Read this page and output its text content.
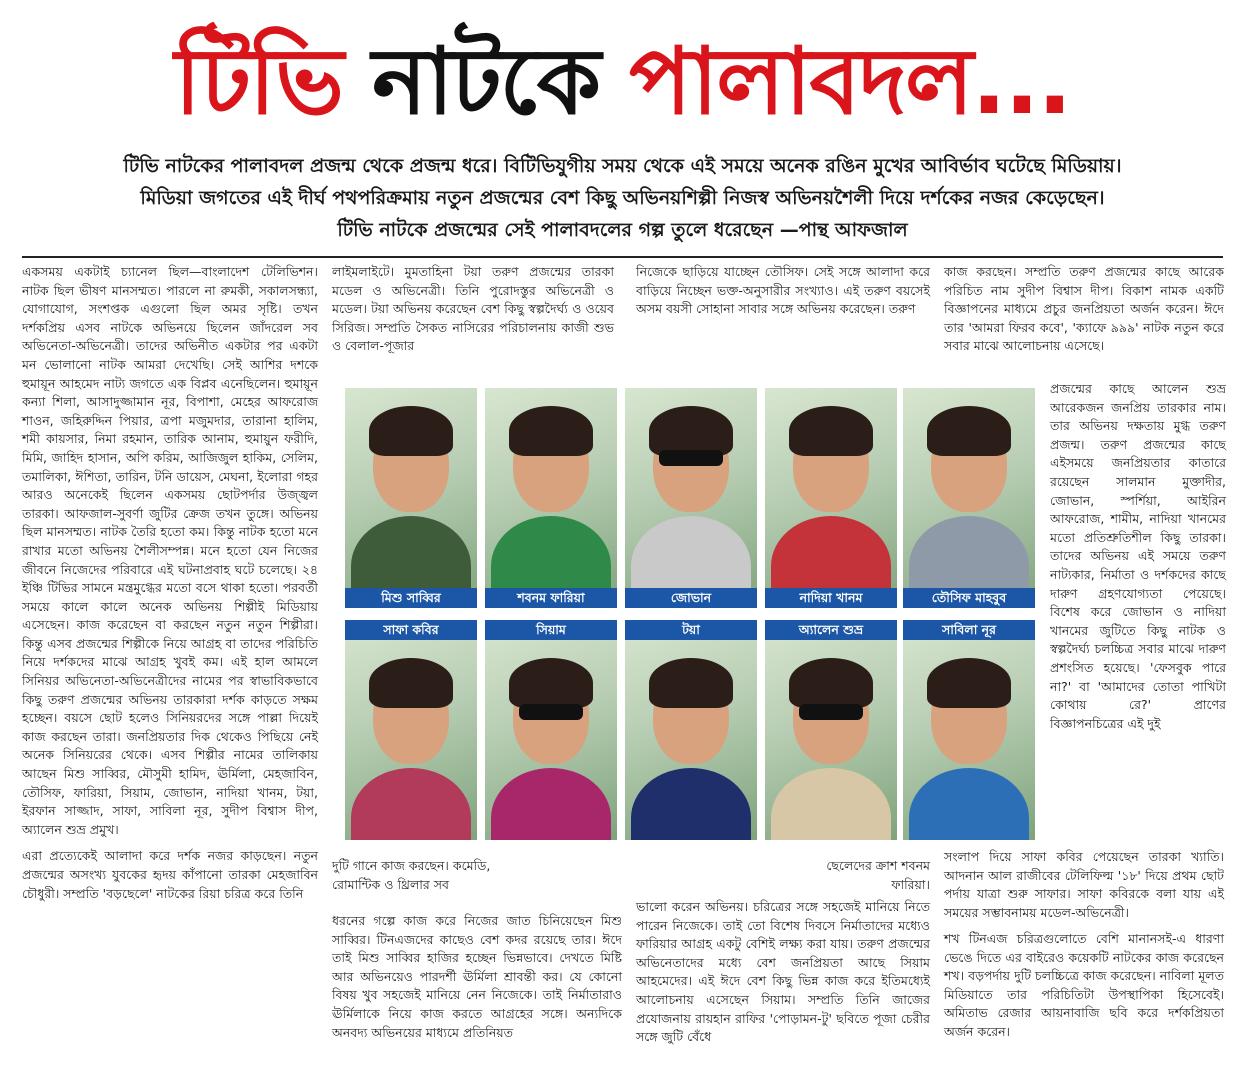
টিভি নাটকে পালাবদল...
টিভি নাটকের পালাবদল প্রজন্ম থেকে প্রজন্ম ধরে। বিটিভিযুগীয় সময় থেকে এই সময়ে অনেক রঙিন মুখের আবির্ভাব ঘটেছে মিডিয়ায়।
মিডিয়া জগতের এই দীর্ঘ পথপরিক্রমায় নতুন প্রজন্মের বেশ কিছু অভিনয়শিল্পী নিজস্ব অভিনয়শৈলী দিয়ে দর্শকের নজর কেড়েছেন।
টিভি নাটকে প্রজন্মের সেই পালাবদলের গল্প তুলে ধরেছেন —পান্থ আফজাল

একসময় একটাই চ্যানেল ছিল—বাংলাদেশ টেলিভিশন। নাটক ছিল ভীষণ মানসম্মত। পারলে না রুমকী, সকালসন্ধ্যা, যোগাযোগ, সংশপ্তক এগুলো ছিল অমর সৃষ্টি। তখন দর্শকপ্রিয় এসব নাটকে অভিনয়ে ছিলেন জাঁদরেল সব অভিনেতা-অভিনেত্রী। তাদের অভিনীত একটার পর একটা মন ভোলানো নাটক আমরা দেখেছি। সেই আশির দশকে হুমায়ূন আহমেদ নাট্য জগতে এক বিপ্লব এনেছিলেন। হুমায়ূন কন্যা শিলা, আসাদুজ্জামান নূর, বিপাশা, মেহের আফরোজ শাওন, জহিরুদ্দিন পিয়ার, ত্রপা মজুমদার, তারানা হালিম, শমী কায়সার, নিমা রহমান, তারিক আনাম, হুমায়ুন ফরীদি, মিমি, জাহিদ হাসান, অপি করিম, আজিজুল হাকিম, সেলিম, তমালিকা, ঈশিতা, তারিন, টনি ডায়েস, মেঘনা, ইলোরা গহর আরও অনেকেই ছিলেন একসময় ছোটপর্দার উজ্জ্বল তারকা। আফজাল-সুবর্ণা জুটির ক্রেজ তখন তুঙ্গে। অভিনয় ছিল মানসম্মত। নাটক তৈরি হতো কম। কিন্তু নাটক হতো মনে রাখার মতো অভিনয় শৈলীসম্পন্ন। মনে হতো যেন নিজের জীবনে নিজেদের পরিবারে এই ঘটনাপ্রবাহ ঘটে চলেছে। ২৪ ইঞ্চি টিভির সামনে মন্ত্রমুগ্ধের মতো বসে থাকা হতো। পরবর্তী সময়ে কালে কালে অনেক অভিনয় শিল্পীই মিডিয়ায় এসেছেন। কাজ করেছেন বা করছেন নতুন নতুন শিল্পীরা। কিন্তু এসব প্রজন্মের শিল্পীকে নিয়ে আগ্রহ বা তাদের পরিচিতি নিয়ে দর্শকদের মাঝে আগ্রহ খুবই কম। এই হাল আমলে সিনিয়র অভিনেতা-অভিনেত্রীদের নামের পর স্বাভাবিকভাবে কিছু তরুণ প্রজন্মের অভিনয় তারকারা দর্শক কাড়তে সক্ষম হচ্ছেন। বয়সে ছোট হলেও সিনিয়রদের সঙ্গে পাল্লা দিয়েই কাজ করছেন তারা। জনপ্রিয়তার দিক থেকেও পিছিয়ে নেই অনেক সিনিয়রের থেকে। এসব শিল্পীর নামের তালিকায় আছেন মিশু সাব্বির, মৌসুমী হামিদ, ঊর্মিলা, মেহজাবিন, তৌসিফ, ফারিয়া, সিয়াম, জোভান, নাদিয়া খানম, টয়া, ইরফান সাজ্জাদ, সাফা, সাবিলা নূর, সুদীপ বিশ্বাস দীপ, অ্যালেন শুভ্র প্রমুখ।

এরা প্রত্যেকেই আলাদা করে দর্শক নজর কাড়ছেন। নতুন প্রজন্মের অসংখ্য যুবকের হৃদয় কাঁপানো তারকা মেহজাবিন চৌধুরী। সম্প্রতি 'বড়ছেলে' নাটকের রিয়া চরিত্র করে তিনি

লাইমলাইটে। মুমতাহিনা টয়া তরুণ প্রজন্মের তারকা মডেল ও অভিনেত্রী। তিনি পুরোদস্তুর অভিনেত্রী ও মডেল। টয়া অভিনয় করেছেন বেশ কিছু স্বল্পদৈর্ঘ্য ও ওয়েব সিরিজ। সম্প্রতি সৈকত নাসিরের পরিচালনায় কাজী শুভ ও বেলাল-পূজার
নিজেকে ছাড়িয়ে যাচ্ছেন তৌসিফ। সেই সঙ্গে আলাদা করে বাড়িয়ে নিচ্ছেন ভক্ত-অনুসারীর সংখ্যাও। এই তরুণ বয়সেই অসম বয়সী সোহানা সাবার সঙ্গে অভিনয় করেছেন। তরুণ
কাজ করছেন। সম্প্রতি তরুণ প্রজন্মের কাছে আরেক পরিচিত নাম সুদীপ বিশ্বাস দীপ। বিকাশ নামক একটি বিজ্ঞাপনের মাধ্যমে প্রচুর জনপ্রিয়তা অর্জন করেন। ঈদে তার 'আমরা ফিরব কবে', 'ক্যাফে ৯৯৯' নাটক নতুন করে সবার মাঝে আলোচনায় এসেছে।
প্রজন্মের কাছে আলেন শুভ্র আরেকজন জনপ্রিয় তারকার নাম। তার অভিনয় দক্ষতায় মুগ্ধ তরুণ প্রজন্ম। তরুণ প্রজন্মের কাছে এইসময়ে জনপ্রিয়তার কাতারে রয়েছেন সালমান মুক্তাদীর, জোভান, স্পর্শিয়া, আইরিন আফরোজ, শামীম, নাদিয়া খানমের মতো প্রতিশ্রুতিশীল কিছু তারকা। তাদের অভিনয় এই সময়ে তরুণ নাট্যকার, নির্মাতা ও দর্শকদের কাছে দারুণ গ্রহণযোগ্যতা পেয়েছে। বিশেষ করে জোভান ও নাদিয়া খানমের জুটিতে কিছু নাটক ও স্বল্পদৈর্ঘ্য চলচ্চিত্র সবার মাঝে দারুণ প্রশংসিত হয়েছে। 'ফেসবুক পারে না?' বা 'আমাদের তোতা পাখিটা কোথায় রে?' প্রাণের বিজ্ঞাপনচিত্রের এই দুই
সংলাপ দিয়ে সাফা কবির পেয়েছেন তারকা খ্যাতি। আদনান আল রাজীবের টেলিফিল্ম '১৮' দিয়ে প্রথম ছোট পর্দায় যাত্রা শুরু সাফার। সাফা কবিরকে বলা যায় এই সময়ের সম্ভাবনাময় মডেল-অভিনেত্রী।
শখ টিনএজ চরিত্রগুলোতে বেশি মানানসই-এ ধারণা ভেঙে দিতে এর বাইরেও কয়েকটি নাটকের কাজ করেছেন শখ। বড়পর্দায় দুটি চলচ্চিত্রে কাজ করেছেন। নাবিলা মূলত মিডিয়াতে তার পরিচিতিটা উপস্থাপিকা হিসেবেই। অমিতাভ রেজার আয়নাবাজি ছবি করে দর্শকপ্রিয়তা অর্জন করেন।
দুটি গানে কাজ করছেন। কমেডি, রোমান্টিক ও থ্রিলার সব
ধরনের গল্পে কাজ করে নিজের জাত চিনিয়েছেন মিশু সাব্বির। টিনএজদের কাছেও বেশ কদর রয়েছে তার। ঈদে তাই মিশু সাব্বির হাজির হচ্ছেন ভিন্নভাবে। দেখতে মিষ্টি আর অভিনয়েও পারদর্শী ঊর্মিলা শ্রাবন্তী কর। যে কোনো বিষয় খুব সহজেই মানিয়ে নেন নিজেকে। তাই নির্মাতারাও ঊর্মিলাকে নিয়ে কাজ করতে আগ্রহের সঙ্গে। অন্যদিকে অনবদ্য অভিনয়ের মাধ্যমে প্রতিনিয়ত
ছেলেদের ক্রাশ শবনম ফারিয়া।
ভালো করেন অভিনয়। চরিত্রের সঙ্গে সহজেই মানিয়ে নিতে পারেন নিজেকে। তাই তো বিশেষ দিবসে নির্মাতাদের মধ্যেও ফারিয়ার আগ্রহ একটু বেশিই লক্ষ্য করা যায়। তরুণ প্রজন্মের অভিনেতাদের মধ্যে বেশ জনপ্রিয়তা আছে সিয়াম আহমেদের। এই ঈদে বেশ কিছু ভিন্ন কাজ করে ইতিমধ্যেই আলোচনায় এসেছেন সিয়াম। সম্প্রতি তিনি জাজের প্রযোজনায় রায়হান রাফির 'পোড়ামন-টু' ছবিতে পূজা চেরীর সঙ্গে জুটি বেঁধে
মিশু সাব্বির	শবনম ফারিয়া	জোভান	নাদিয়া খানম	তৌসিফ মাহবুব
সাফা কবির	সিয়াম	টয়া	অ্যালেন শুভ্র	সাবিলা নূর
